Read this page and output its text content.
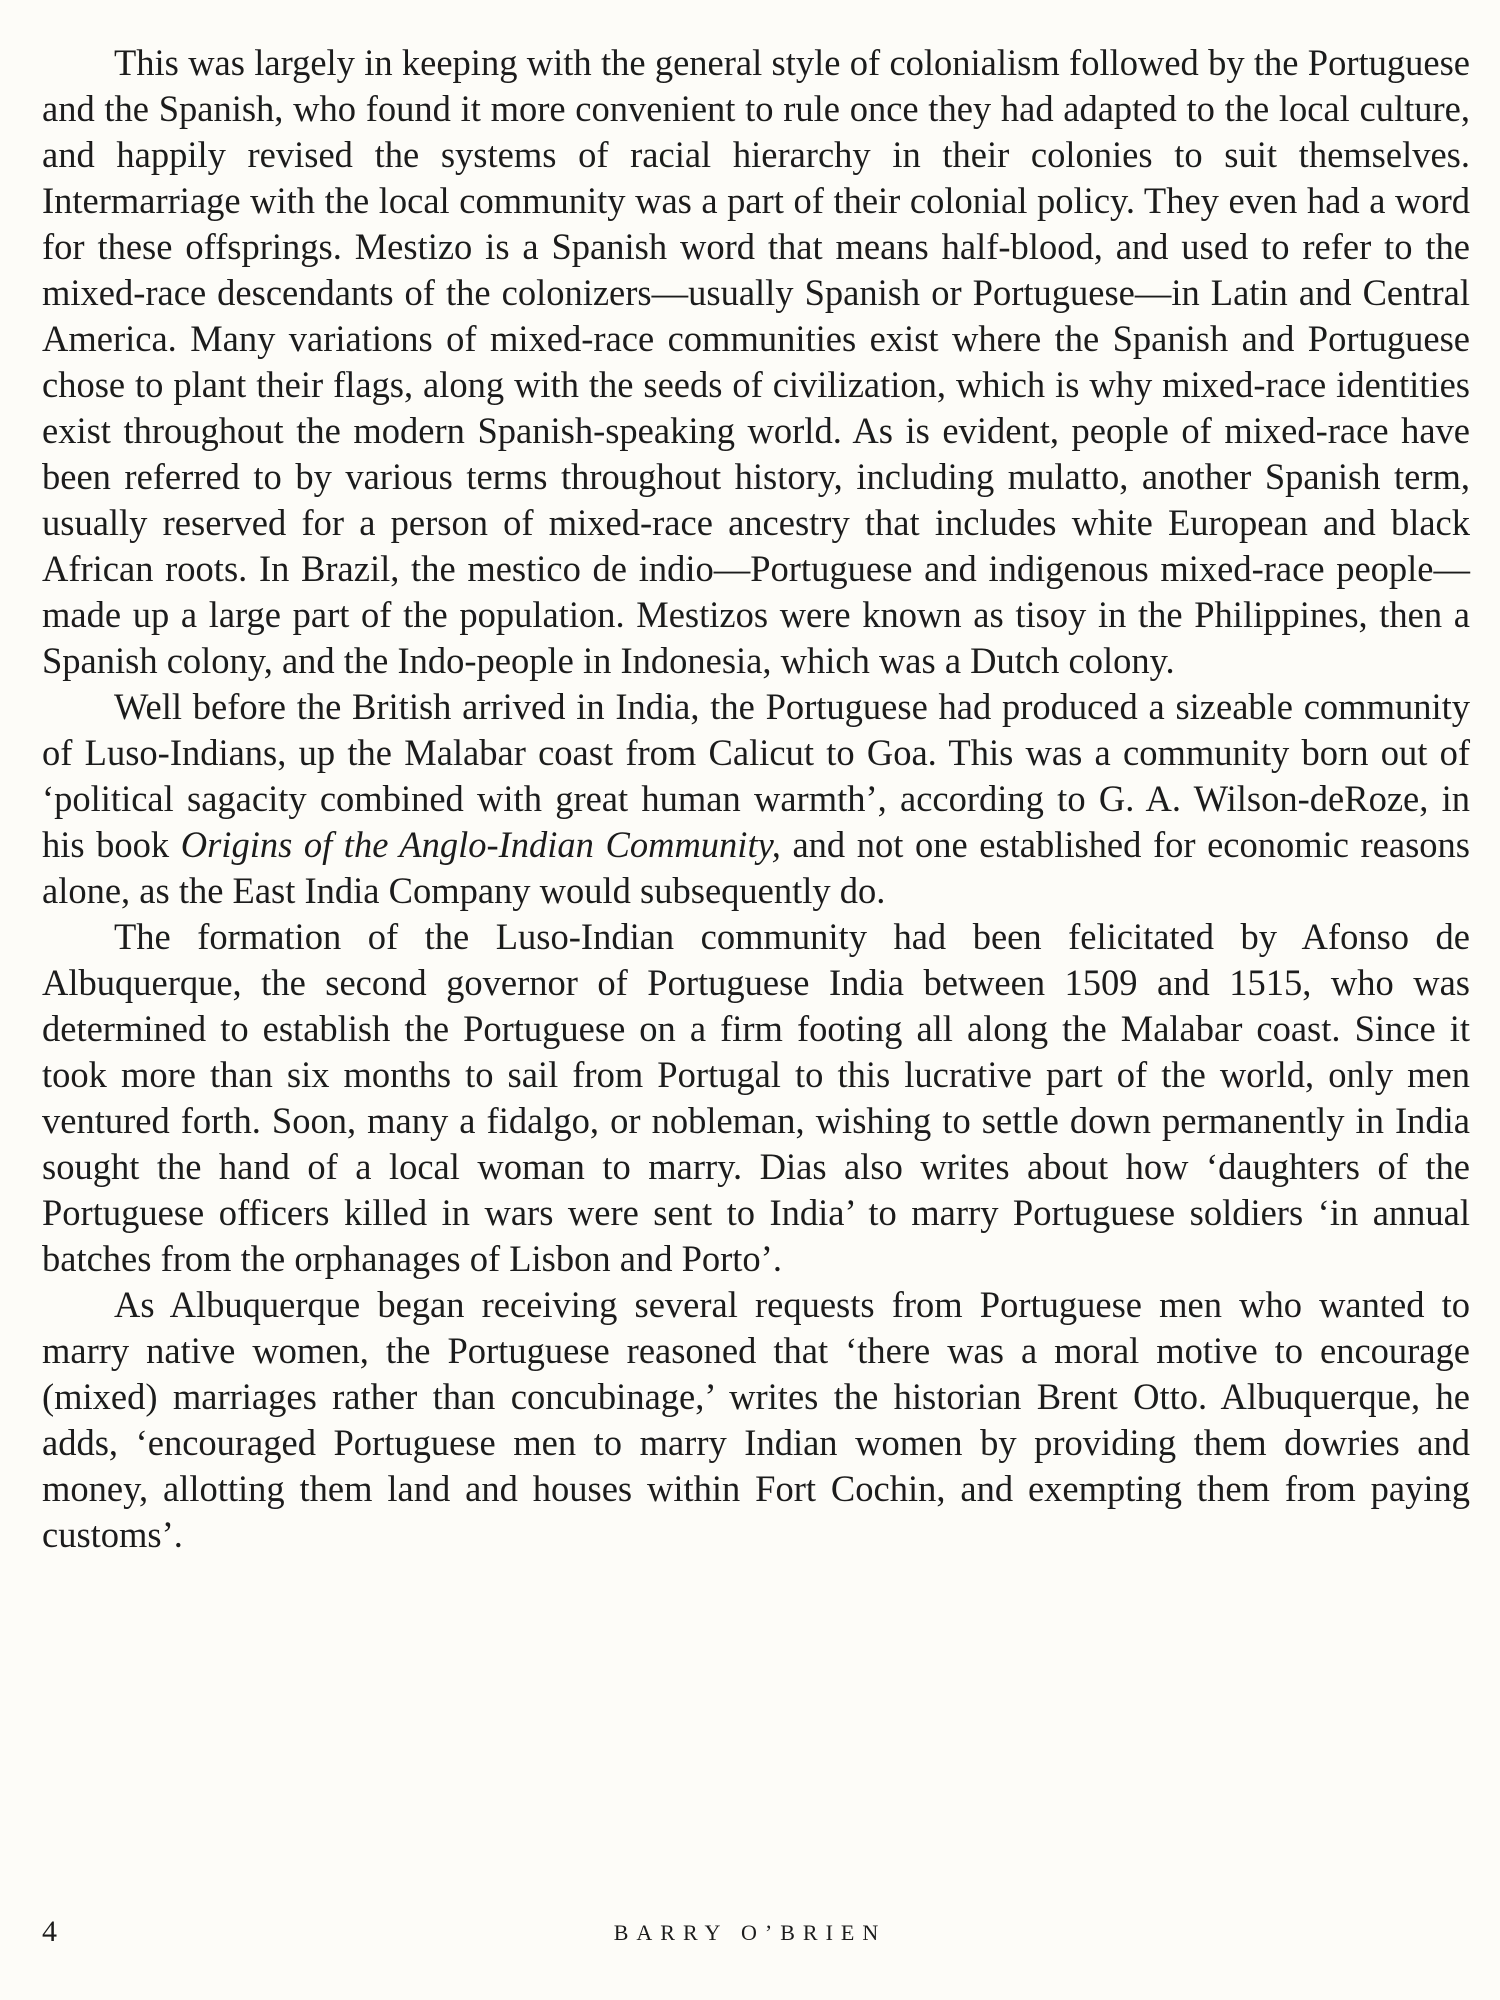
This was largely in keeping with the general style of colonialism followed by the Portuguese and the Spanish, who found it more convenient to rule once they had adapted to the local culture, and happily revised the systems of racial hierarchy in their colonies to suit themselves. Intermarriage with the local community was a part of their colonial policy. They even had a word for these offsprings. Mestizo is a Spanish word that means half-blood, and used to refer to the mixed-race descendants of the colonizers—usually Spanish or Portuguese—in Latin and Central America. Many variations of mixed-race communities exist where the Spanish and Portuguese chose to plant their flags, along with the seeds of civilization, which is why mixed-race identities exist throughout the modern Spanish-speaking world. As is evident, people of mixed-race have been referred to by various terms throughout history, including mulatto, another Spanish term, usually reserved for a person of mixed-race ancestry that includes white European and black African roots. In Brazil, the mestico de indio—Portuguese and indigenous mixed-race people—made up a large part of the population. Mestizos were known as tisoy in the Philippines, then a Spanish colony, and the Indo-people in Indonesia, which was a Dutch colony.

Well before the British arrived in India, the Portuguese had produced a sizeable community of Luso-Indians, up the Malabar coast from Calicut to Goa. This was a community born out of ‘political sagacity combined with great human warmth’, according to G. A. Wilson-deRoze, in his book Origins of the Anglo-Indian Community, and not one established for economic reasons alone, as the East India Company would subsequently do.

The formation of the Luso-Indian community had been felicitated by Afonso de Albuquerque, the second governor of Portuguese India between 1509 and 1515, who was determined to establish the Portuguese on a firm footing all along the Malabar coast. Since it took more than six months to sail from Portugal to this lucrative part of the world, only men ventured forth. Soon, many a fidalgo, or nobleman, wishing to settle down permanently in India sought the hand of a local woman to marry. Dias also writes about how ‘daughters of the Portuguese officers killed in wars were sent to India’ to marry Portuguese soldiers ‘in annual batches from the orphanages of Lisbon and Porto’.

As Albuquerque began receiving several requests from Portuguese men who wanted to marry native women, the Portuguese reasoned that ‘there was a moral motive to encourage (mixed) marriages rather than concubinage,’ writes the historian Brent Otto. Albuquerque, he adds, ‘encouraged Portuguese men to marry Indian women by providing them dowries and money, allotting them land and houses within Fort Cochin, and exempting them from paying customs’.

4	BARRY O’BRIEN
